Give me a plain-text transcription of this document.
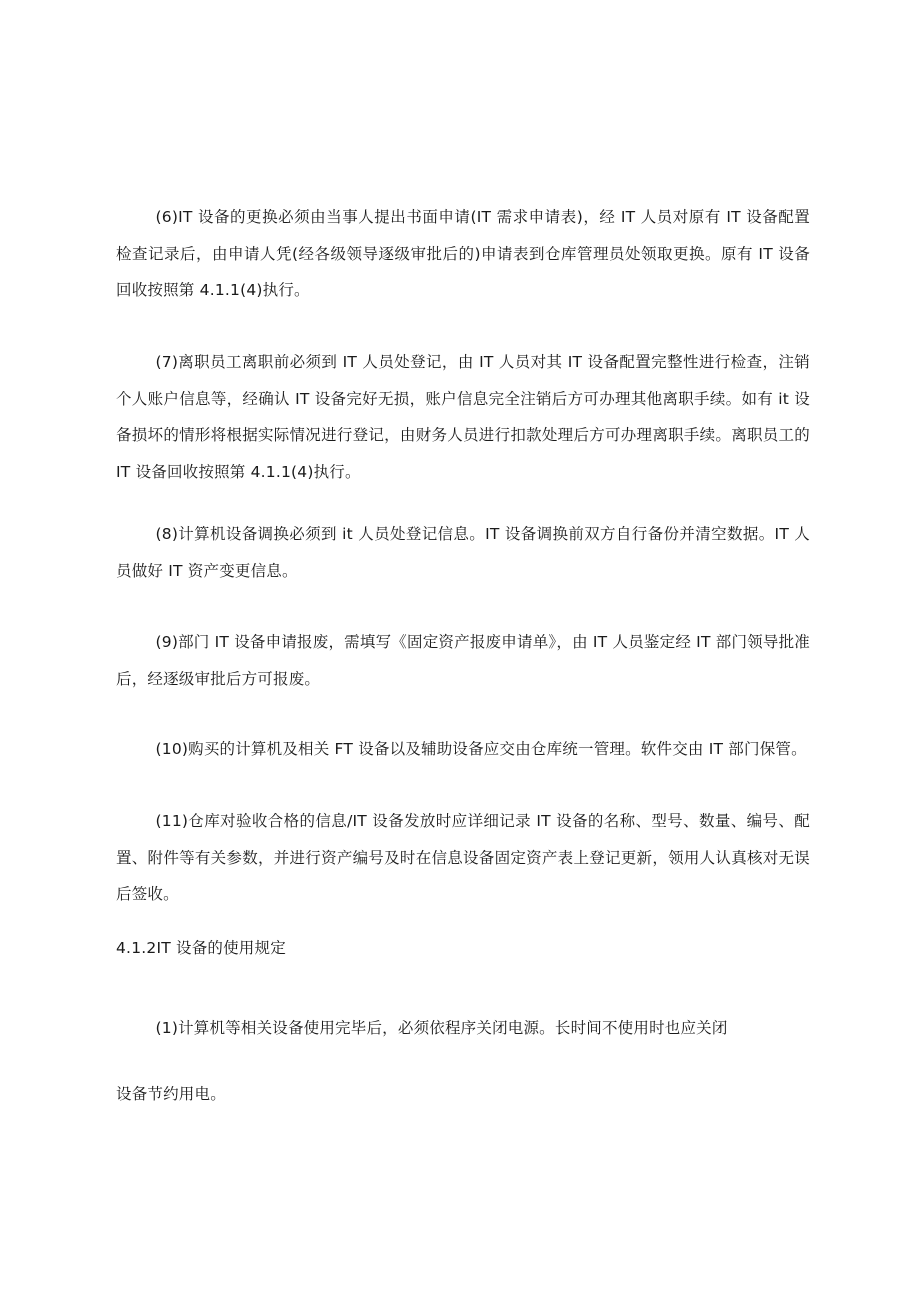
(6)IT 设备的更换必须由当事人提出书面申请(IT 需求申请表)，经 IT 人员对原有 IT 设备配置检查记录后，由申请人凭(经各级领导逐级审批后的)申请表到仓库管理员处领取更换。原有 IT 设备回收按照第 4.1.1(4)执行。

(7)离职员工离职前必须到 IT 人员处登记，由 IT 人员对其 IT 设备配置完整性进行检查，注销个人账户信息等，经确认 IT 设备完好无损，账户信息完全注销后方可办理其他离职手续。如有 it 设备损坏的情形将根据实际情况进行登记，由财务人员进行扣款处理后方可办理离职手续。离职员工的 IT 设备回收按照第 4.1.1(4)执行。

(8)计算机设备调换必须到 it 人员处登记信息。IT 设备调换前双方自行备份并清空数据。IT 人员做好 IT 资产变更信息。

(9)部门 IT 设备申请报废，需填写《固定资产报废申请单》，由 IT 人员鉴定经 IT 部门领导批准后，经逐级审批后方可报废。

(10)购买的计算机及相关 FT 设备以及辅助设备应交由仓库统一管理。软件交由 IT 部门保管。

(11)仓库对验收合格的信息/IT 设备发放时应详细记录 IT 设备的名称、型号、数量、编号、配置、附件等有关参数，并进行资产编号及时在信息设备固定资产表上登记更新，领用人认真核对无误后签收。

4.1.2IT 设备的使用规定

(1)计算机等相关设备使用完毕后，必须依程序关闭电源。长时间不使用时也应关闭

设备节约用电。
